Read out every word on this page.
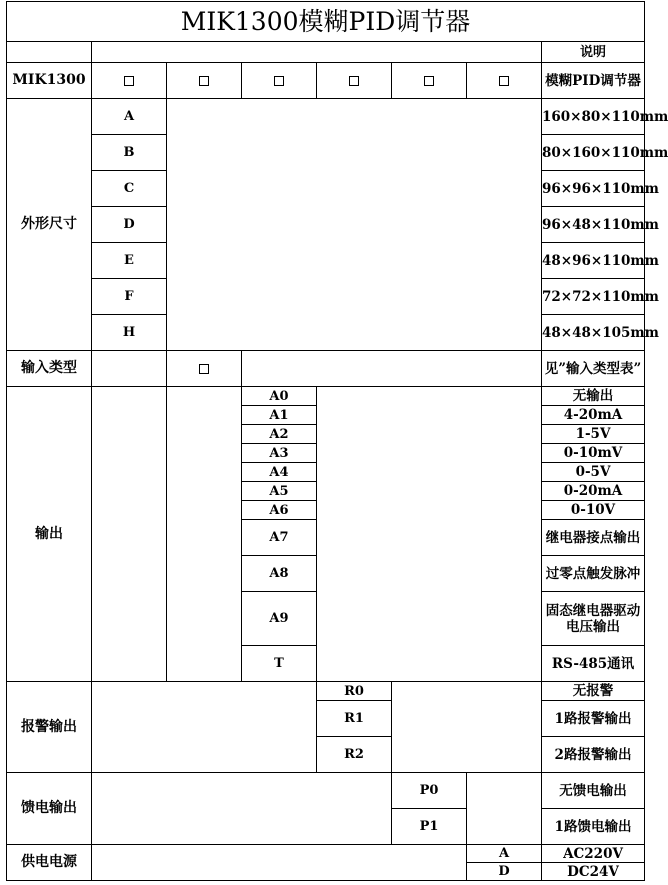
MIK1300模糊PID调节器							
							说明
MIK1300							模糊PID调节器
外形尺寸	A						160×80×110mm
	B						80×160×110mm
	C						96×96×110mm
	D						96×48×110mm
	E						48×96×110mm
	F						72×72×110mm
	H						48×48×105mm
输入类型							见”输入类型表”
输出			A0				无输出
			A1				4-20mA
			A2				1-5V
			A3				0-10mV
			A4				0-5V
			A5				0-20mA
			A6				0-10V
			A7				继电器接点输出
			A8				过零点触发脉冲
			A9				固态继电器驱动电压输出
			T				RS-485通讯
报警输出				R0			无报警
				R1			1路报警输出
				R2			2路报警输出
馈电输出					P0		无馈电输出
					P1		1路馈电输出
供电电源						A	AC220V
						D	DC24V
